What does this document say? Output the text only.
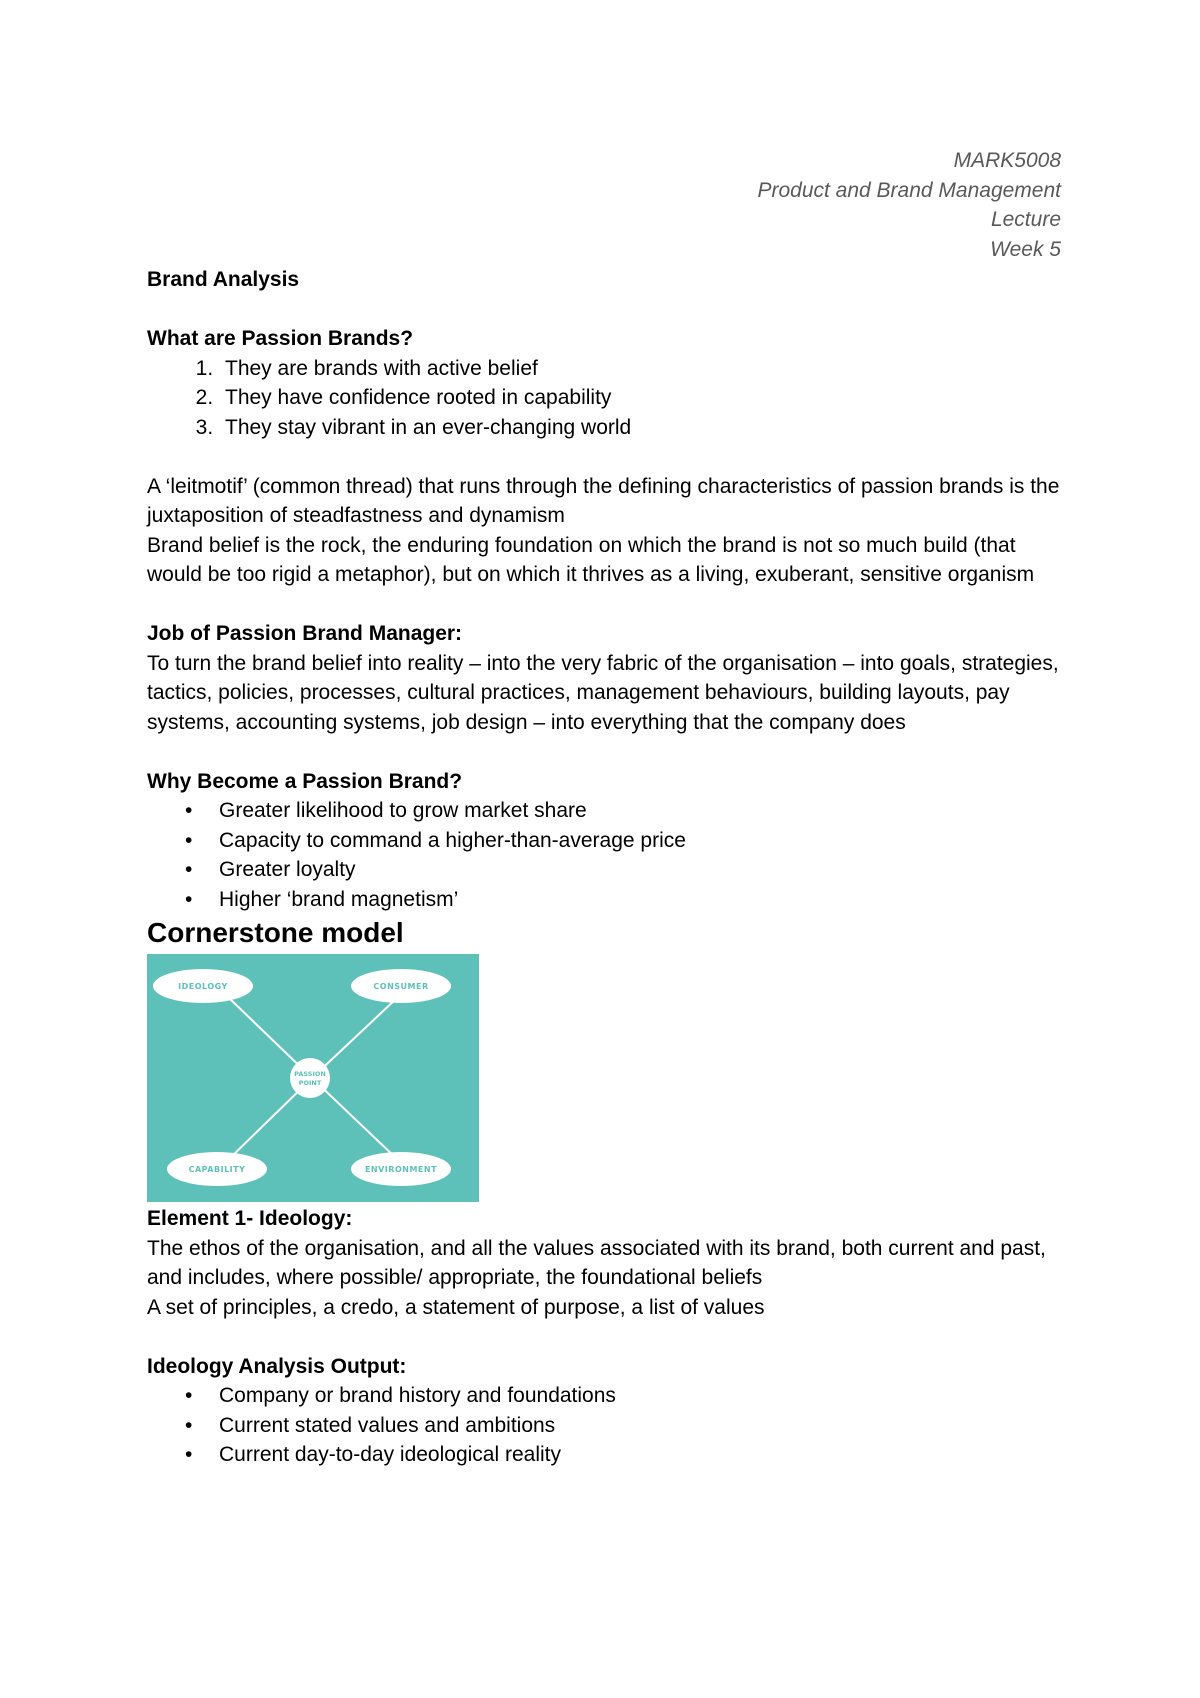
MARK5008
Product and Brand Management
Lecture
Week 5

Brand Analysis

What are Passion Brands?

1. They are brands with active belief
2. They have confidence rooted in capability
3. They stay vibrant in an ever-changing world

A ‘leitmotif’ (common thread) that runs through the defining characteristics of passion brands is the juxtaposition of steadfastness and dynamism

Brand belief is the rock, the enduring foundation on which the brand is not so much build (that would be too rigid a metaphor), but on which it thrives as a living, exuberant, sensitive organism

Job of Passion Brand Manager:

To turn the brand belief into reality – into the very fabric of the organisation – into goals, strategies, tactics, policies, processes, cultural practices, management behaviours, building layouts, pay systems, accounting systems, job design – into everything that the company does

Why Become a Passion Brand?

• Greater likelihood to grow market share
• Capacity to command a higher-than-average price
• Greater loyalty
• Higher ‘brand magnetism’

Cornerstone model

IDEOLOGY	CONSUMER
CAPABILITY	ENVIRONMENT
PASSION
POINT

Element 1- Ideology:

The ethos of the organisation, and all the values associated with its brand, both current and past, and includes, where possible/ appropriate, the foundational beliefs

A set of principles, a credo, a statement of purpose, a list of values

Ideology Analysis Output:

• Company or brand history and foundations
• Current stated values and ambitions
• Current day-to-day ideological reality
